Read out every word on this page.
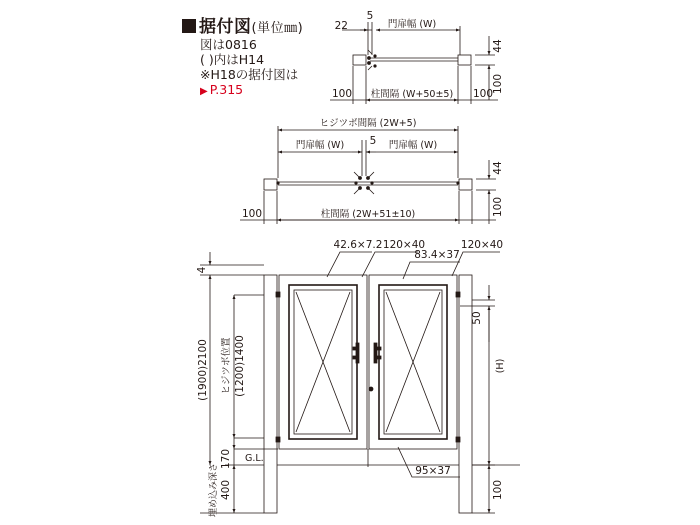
据付図(単位㎜)
図は0816
( )内はH14
※H18の据付図は
▶ P.315
22
5
門扉幅 (W)
44
100
100 柱間隔 (W+50±5) 100
ヒジツボ間隔 (2W+5)
5
門扉幅 (W)	門扉幅 (W)
44
100
100	柱間隔 (2W+51±10)
4
(1900)2100 ヒジツボ位置 (1200)1400
170
埋め込み深さ 400
G.L.
42.6×7.2 120×40
83.4×37
120×40
50
(H)
95×37
100
